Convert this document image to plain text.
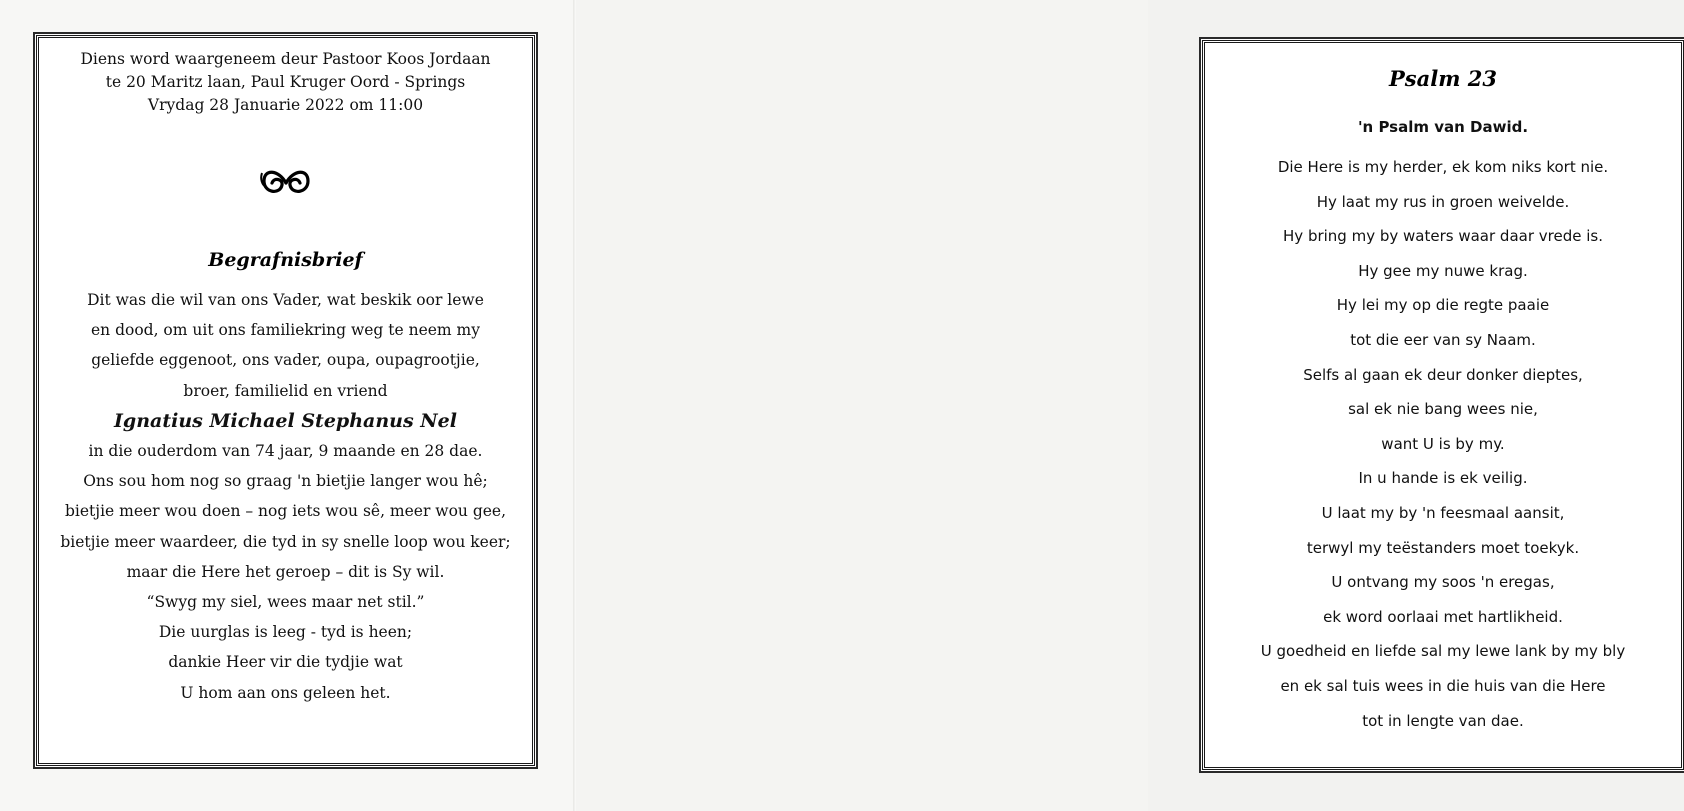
Diens word waargeneem deur Pastoor Koos Jordaan
te 20 Maritz laan, Paul Kruger Oord - Springs
Vrydag 28 Januarie 2022 om 11:00
Begrafnisbrief
Dit was die wil van ons Vader, wat beskik oor lewe
en dood, om uit ons familiekring weg te neem my
geliefde eggenoot, ons vader, oupa, oupagrootjie,
broer, familielid en vriend
Ignatius Michael Stephanus Nel
in die ouderdom van 74 jaar, 9 maande en 28 dae.
Ons sou hom nog so graag 'n bietjie langer wou hê;
bietjie meer wou doen – nog iets wou sê, meer wou gee,
bietjie meer waardeer, die tyd in sy snelle loop wou keer;
maar die Here het geroep – dit is Sy wil.
“Swyg my siel, wees maar net stil.”
Die uurglas is leeg - tyd is heen;
dankie Heer vir die tydjie wat
U hom aan ons geleen het.
Psalm 23
'n Psalm van Dawid.
Die Here is my herder, ek kom niks kort nie.
Hy laat my rus in groen weivelde.
Hy bring my by waters waar daar vrede is.
Hy gee my nuwe krag.
Hy lei my op die regte paaie
tot die eer van sy Naam.
Selfs al gaan ek deur donker dieptes,
sal ek nie bang wees nie,
want U is by my.
In u hande is ek veilig.
U laat my by 'n feesmaal aansit,
terwyl my teëstanders moet toekyk.
U ontvang my soos 'n eregas,
ek word oorlaai met hartlikheid.
U goedheid en liefde sal my lewe lank by my bly
en ek sal tuis wees in die huis van die Here
tot in lengte van dae.
